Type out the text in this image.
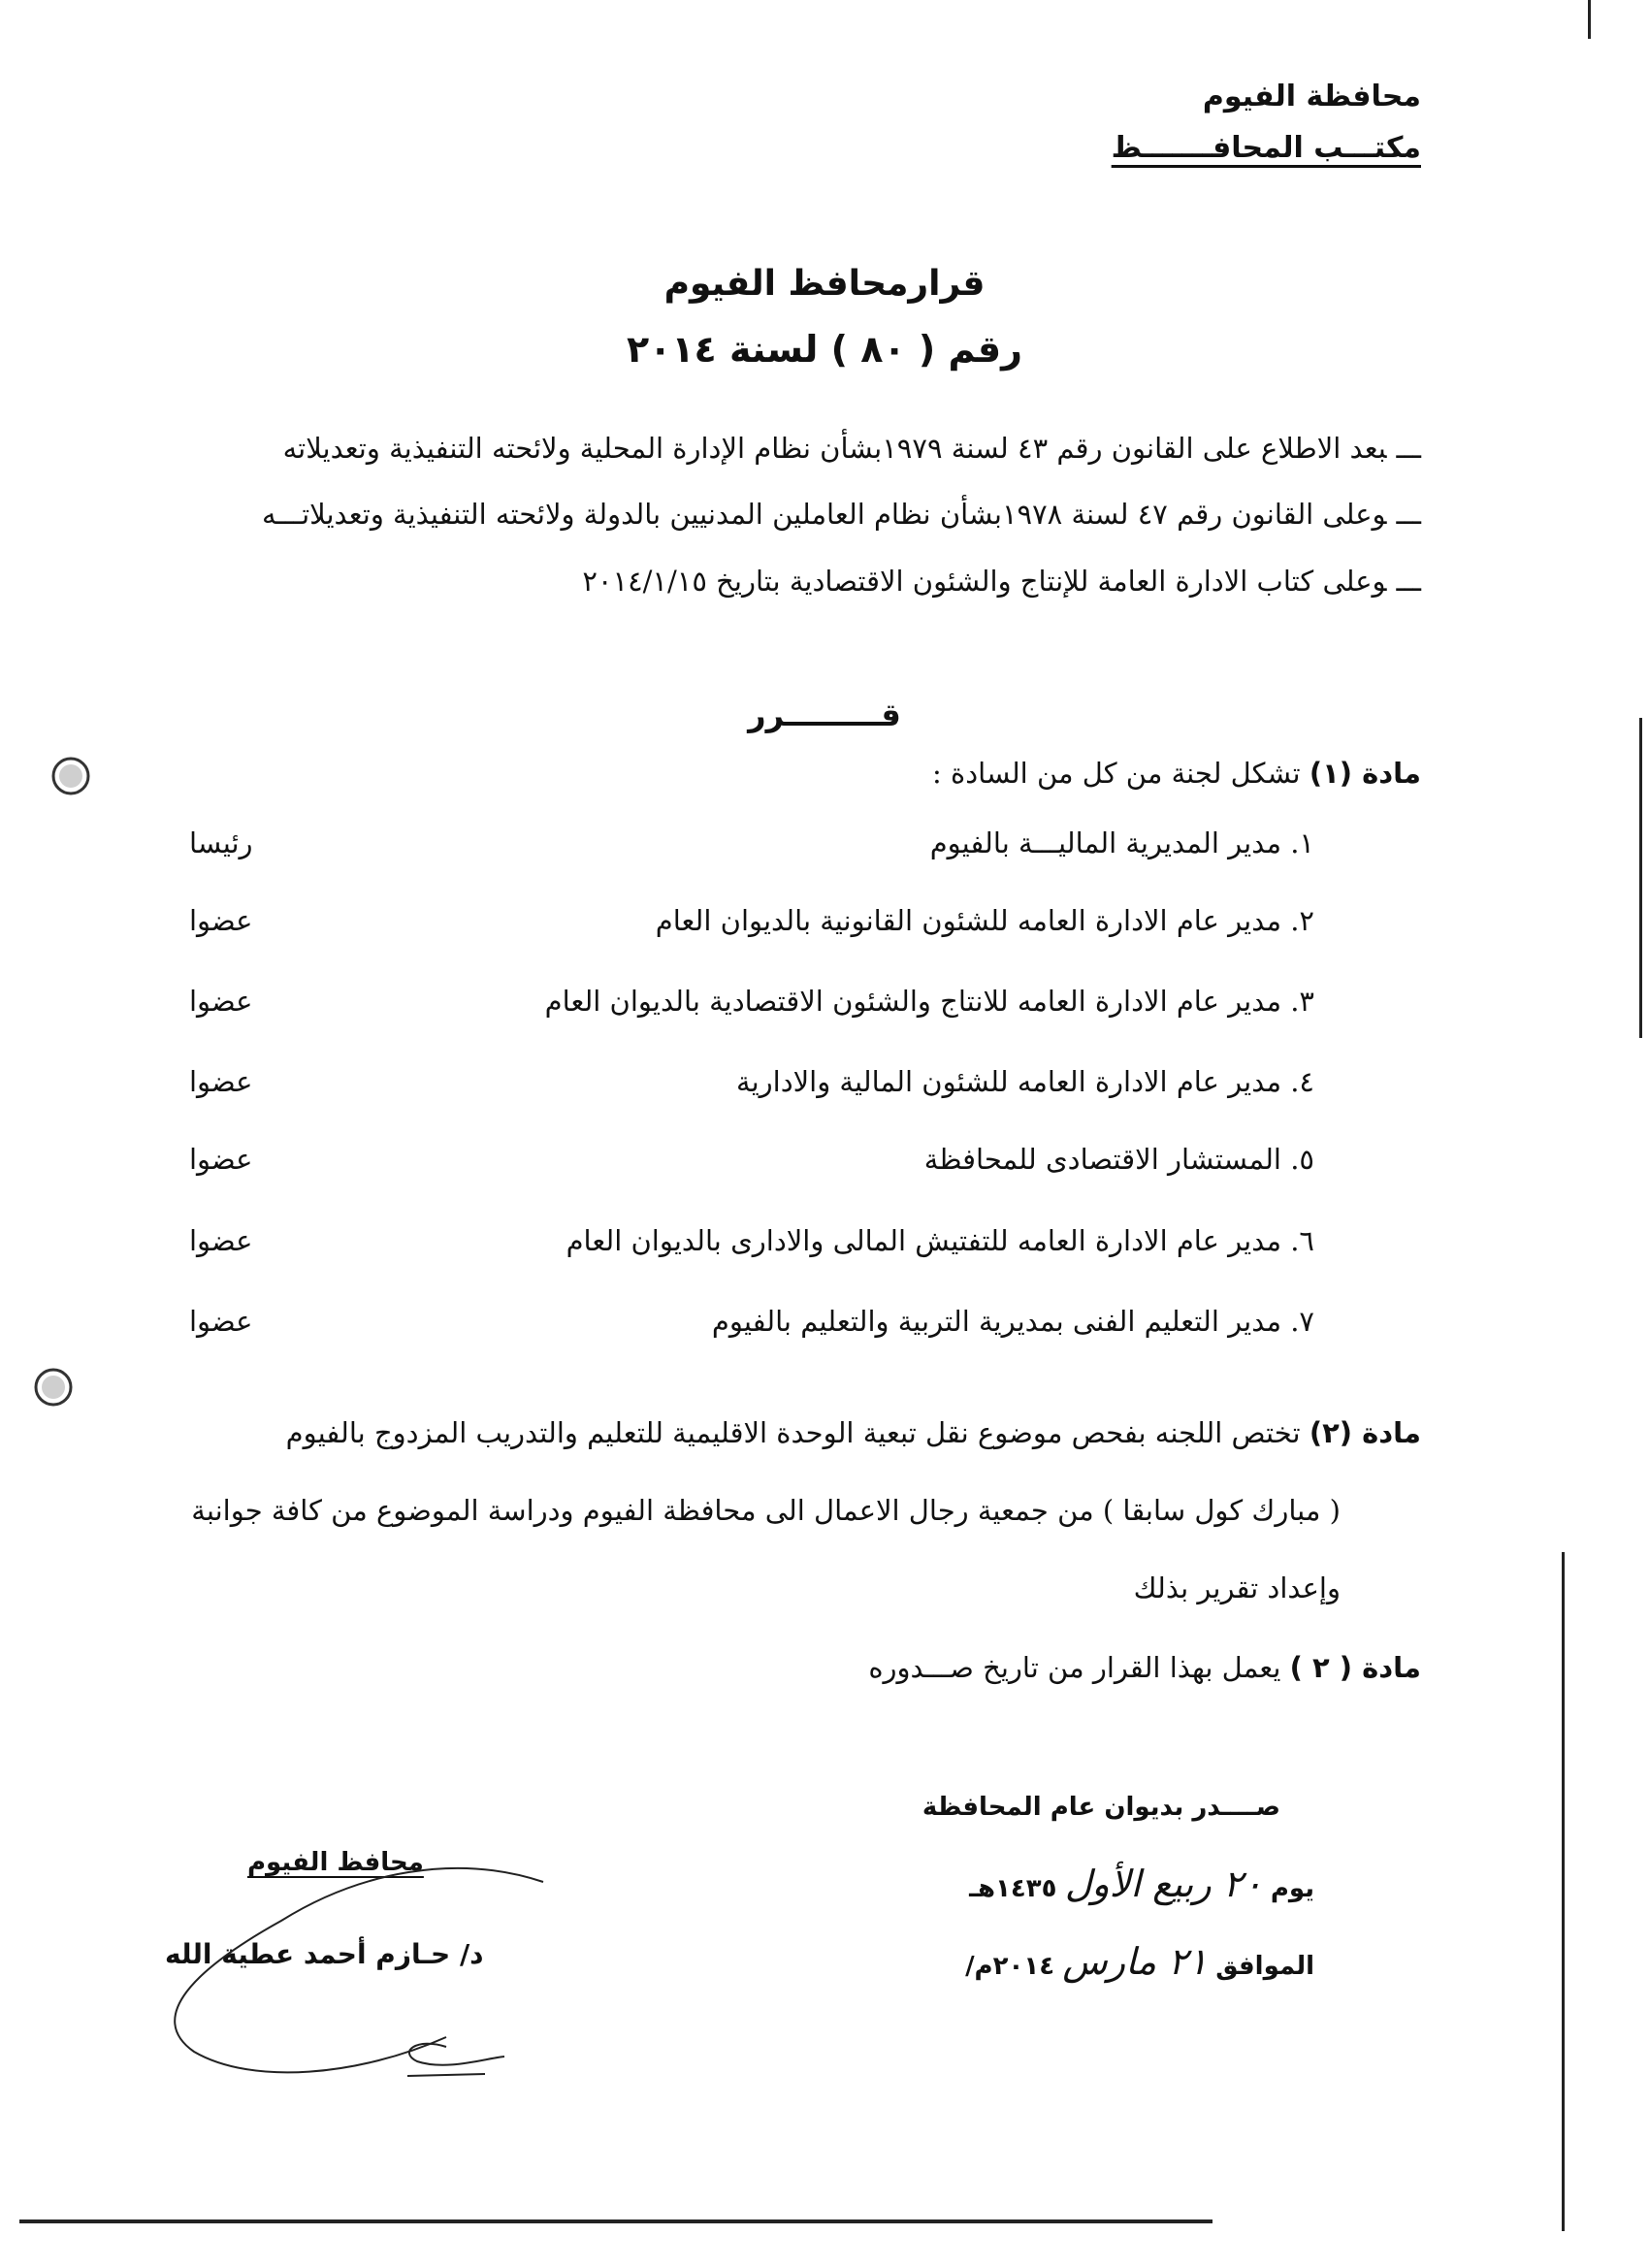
محافظة الفيوم
مكتـــب المحافـــــــظ
قرارمحافظ الفيوم
رقم ( ٨٠ ) لسنة ٢٠١٤
ـــبعد الاطلاع على القانون رقم ٤٣ لسنة ١٩٧٩بشأن نظام الإدارة المحلية ولائحته التنفيذية وتعديلاته
ـــوعلى القانون رقم ٤٧ لسنة ١٩٧٨بشأن نظام العاملين المدنيين بالدولة ولائحته التنفيذية وتعديلاتـــه
ـــوعلى كتاب الادارة العامة للإنتاج والشئون الاقتصادية بتاريخ ٢٠١٤/١/١٥
قـــــــــرر
مادة (١) تشكل لجنة من كل من السادة :
١. مدير المديرية الماليـــة بالفيوم
رئيسا
٢. مدير عام الادارة العامه للشئون القانونية بالديوان العام
عضوا
٣. مدير عام الادارة العامه للانتاج والشئون الاقتصادية بالديوان العام
عضوا
٤. مدير عام الادارة العامه للشئون المالية والادارية
عضوا
٥. المستشار الاقتصادى للمحافظة
عضوا
٦. مدير عام الادارة العامه للتفتيش المالى والادارى بالديوان العام
عضوا
٧. مدير التعليم الفنى بمديرية التربية والتعليم بالفيوم
عضوا
مادة (٢) تختص اللجنه بفحص موضوع نقل تبعية الوحدة الاقليمية للتعليم والتدريب المزدوج بالفيوم
( مبارك كول سابقا ) من جمعية رجال الاعمال الى محافظة الفيوم ودراسة الموضوع من كافة جوانبة
وإعداد تقرير بذلك
مادة ( ٢ ) يعمل بهذا القرار من تاريخ صـــدوره
صــــدر بديوان عام المحافظة
يوم ٢٠ ربيع الأول ١٤٣٥هـ
الموافق ٢١ مارس ٢٠١٤م/
محافظ الفيوم
د/ حـازم أحمد عطية الله
